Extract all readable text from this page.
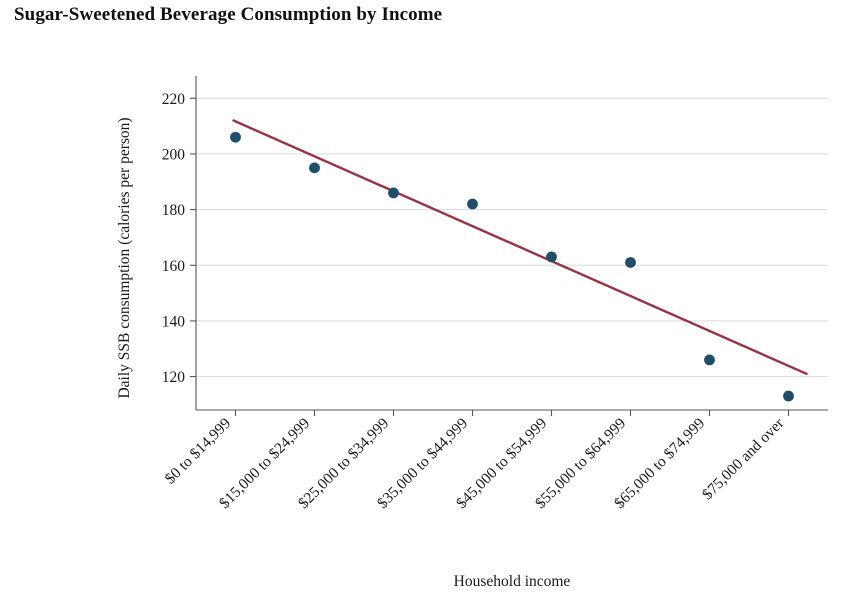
Sugar-Sweetened Beverage Consumption by Income
120
140
160
180
200
220
$0 to $14,999
$15,000 to $24,999
$25,000 to $34,999
$35,000 to $44,999
$45,000 to $54,999
$55,000 to $64,999
$65,000 to $74,999
$75,000 and over
Household income
Daily SSB consumption (calories per person)
